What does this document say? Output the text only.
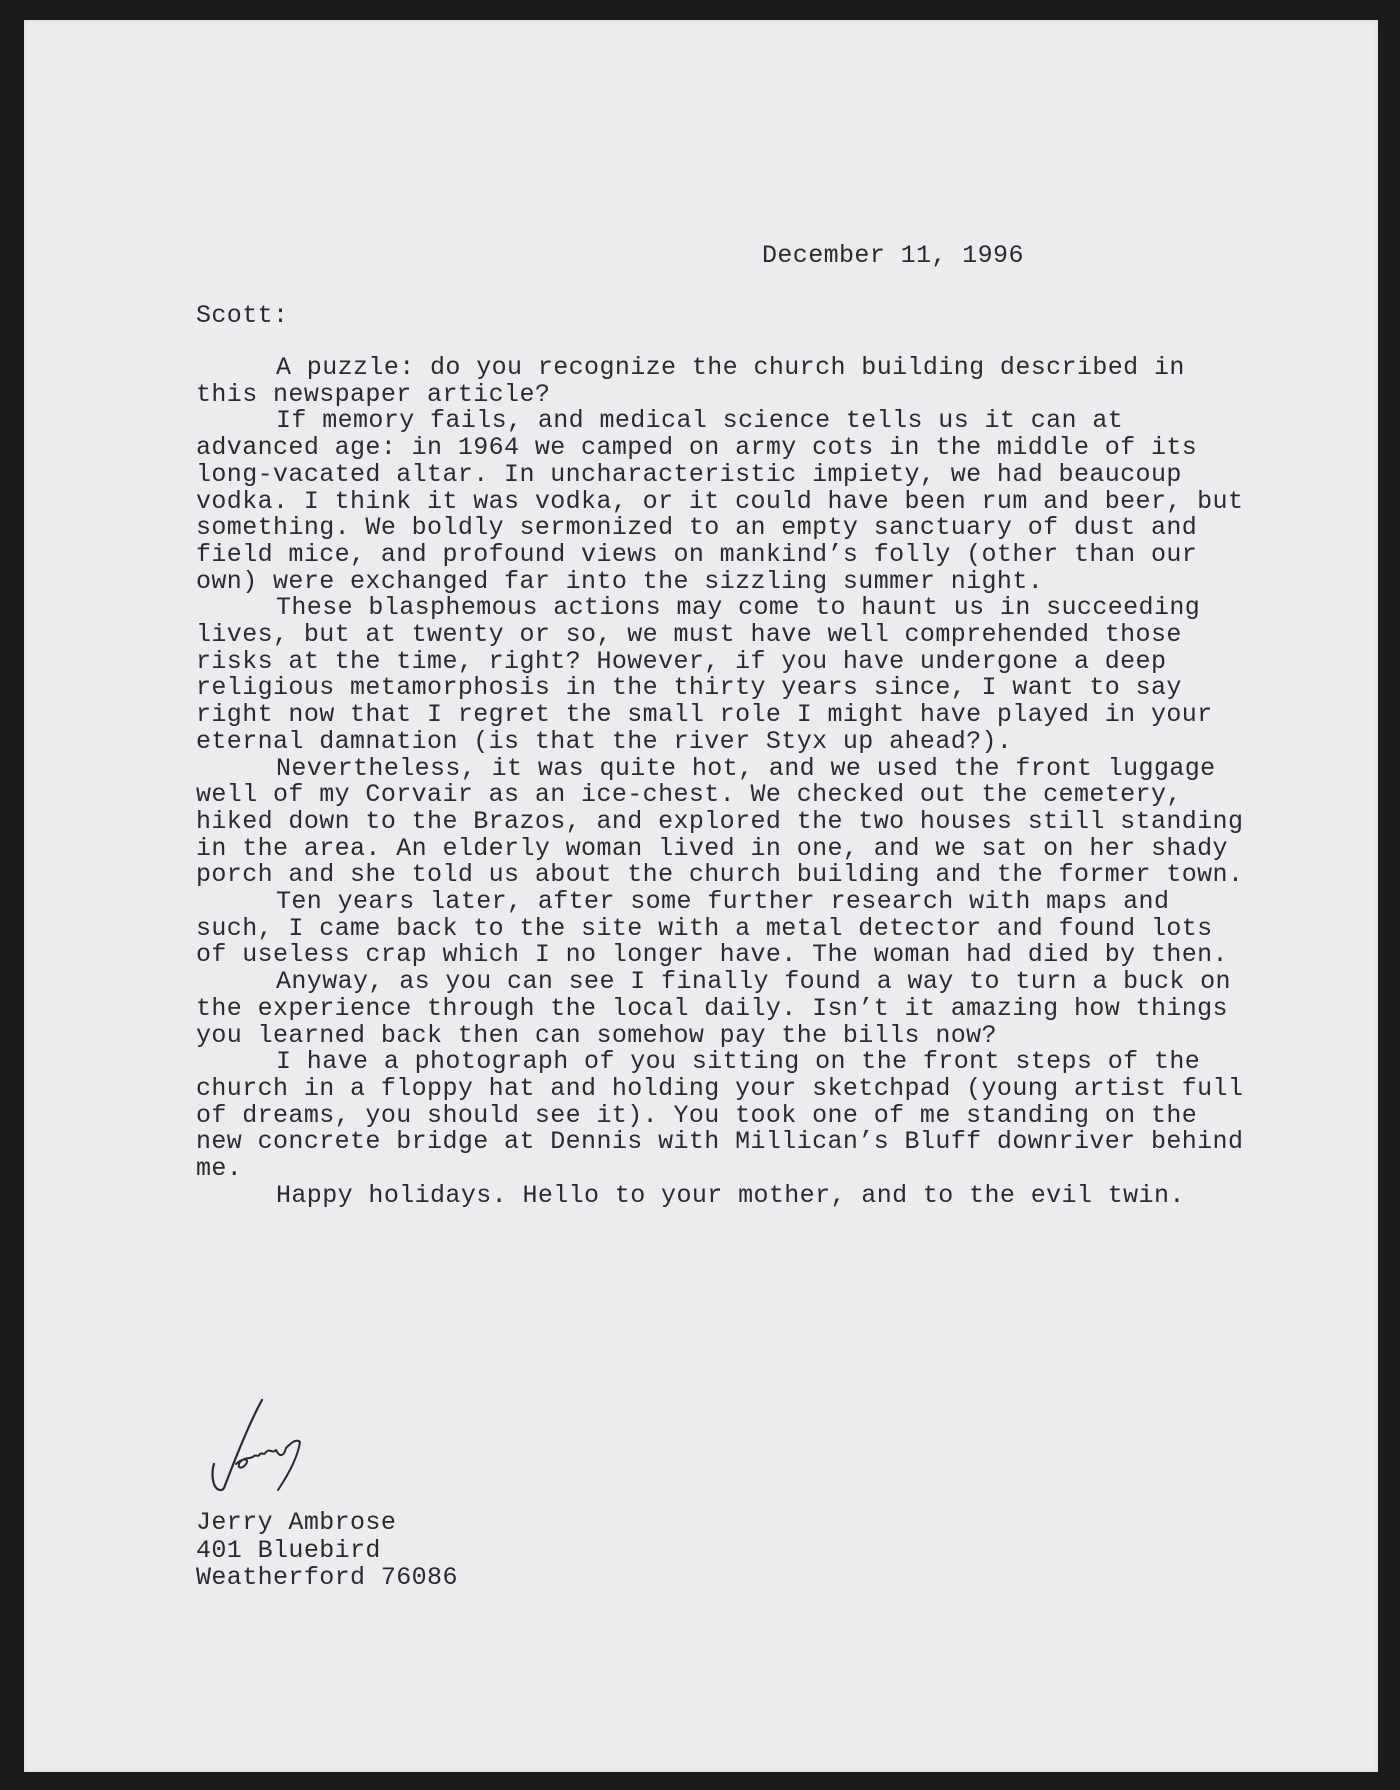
December 11, 1996
Scott:

A puzzle: do you recognize the church building described in this newspaper article?

If memory fails, and medical science tells us it can at advanced age: in 1964 we camped on army cots in the middle of its long-vacated altar. In uncharacteristic impiety, we had beaucoup vodka. I think it was vodka, or it could have been rum and beer, but something. We boldly sermonized to an empty sanctuary of dust and field mice, and profound views on mankind’s folly (other than our own) were exchanged far into the sizzling summer night.

These blasphemous actions may come to haunt us in succeeding lives, but at twenty or so, we must have well comprehended those risks at the time, right? However, if you have undergone a deep religious metamorphosis in the thirty years since, I want to say right now that I regret the small role I might have played in your eternal damnation (is that the river Styx up ahead?).

Nevertheless, it was quite hot, and we used the front luggage well of my Corvair as an ice-chest. We checked out the cemetery, hiked down to the Brazos, and explored the two houses still standing in the area. An elderly woman lived in one, and we sat on her shady porch and she told us about the church building and the former town.

Ten years later, after some further research with maps and such, I came back to the site with a metal detector and found lots of useless crap which I no longer have. The woman had died by then.

Anyway, as you can see I finally found a way to turn a buck on the experience through the local daily. Isn’t it amazing how things you learned back then can somehow pay the bills now?

I have a photograph of you sitting on the front steps of the church in a floppy hat and holding your sketchpad (young artist full of dreams, you should see it). You took one of me standing on the new concrete bridge at Dennis with Millican’s Bluff downriver behind me.

Happy holidays. Hello to your mother, and to the evil twin.

Jerry Ambrose
401 Bluebird
Weatherford 76086
